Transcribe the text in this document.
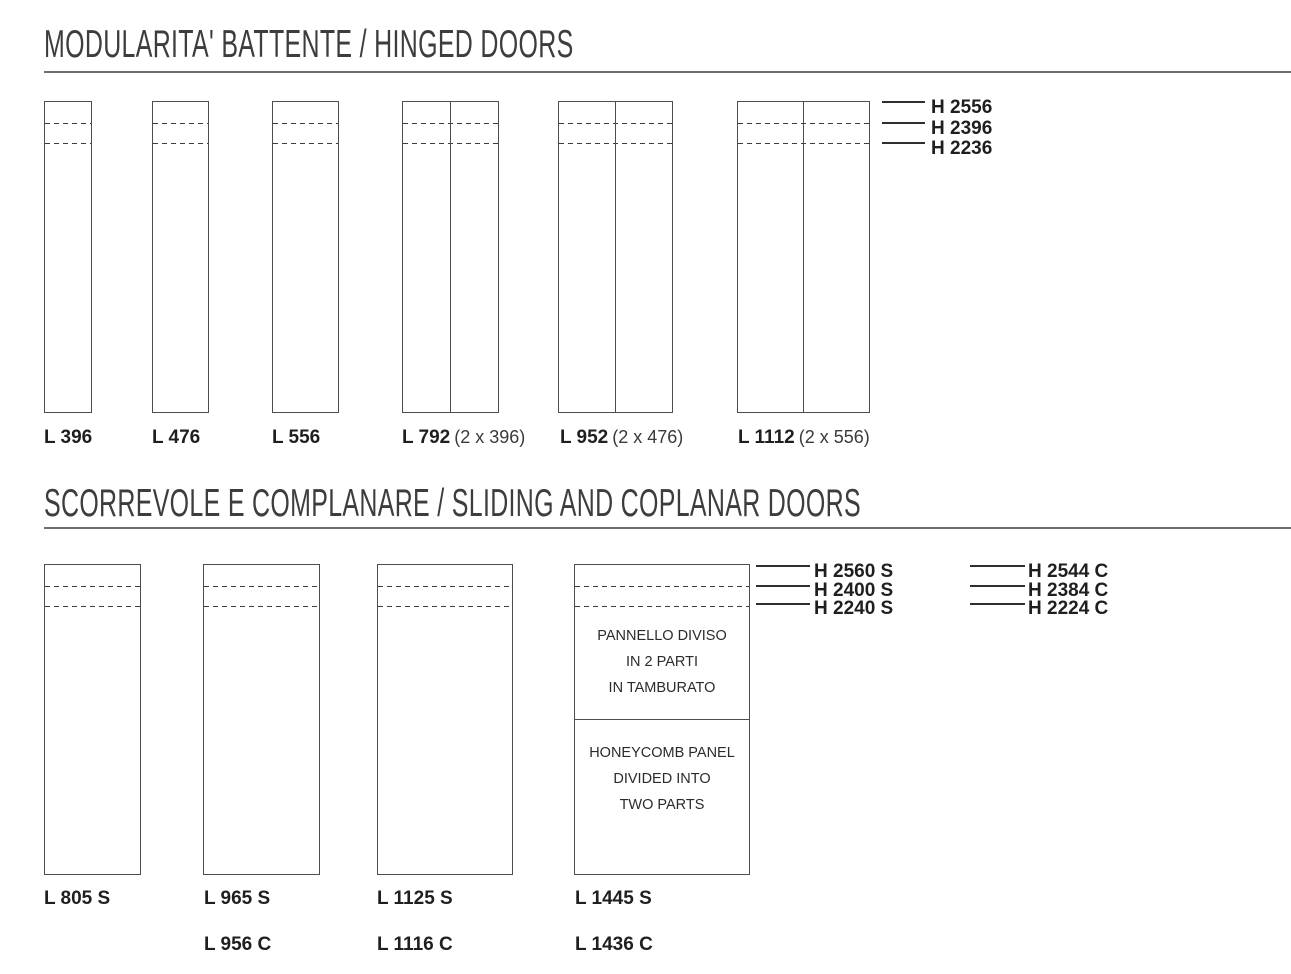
MODULARITA' BATTENTE / HINGED DOORS
H 2556
H 2396
H 2236
L 396	L 476	L 556	L 792 (2 x 396) L 952 (2 x 476)	L 1112 (2 x 556)
SCORREVOLE E COMPLANARE / SLIDING AND COPLANAR DOORS
PANNELLO DIVISO
IN 2 PARTI
IN TAMBURATO
HONEYCOMB PANEL
DIVIDED INTO
TWO PARTS
H 2560 S
H 2400 S
H 2240 S
H 2544 C
H 2384 C
H 2224 C
L 805 S	L 965 S	L 1125 S	L 1445 S
L 956 C	L 1116 C	L 1436 C
